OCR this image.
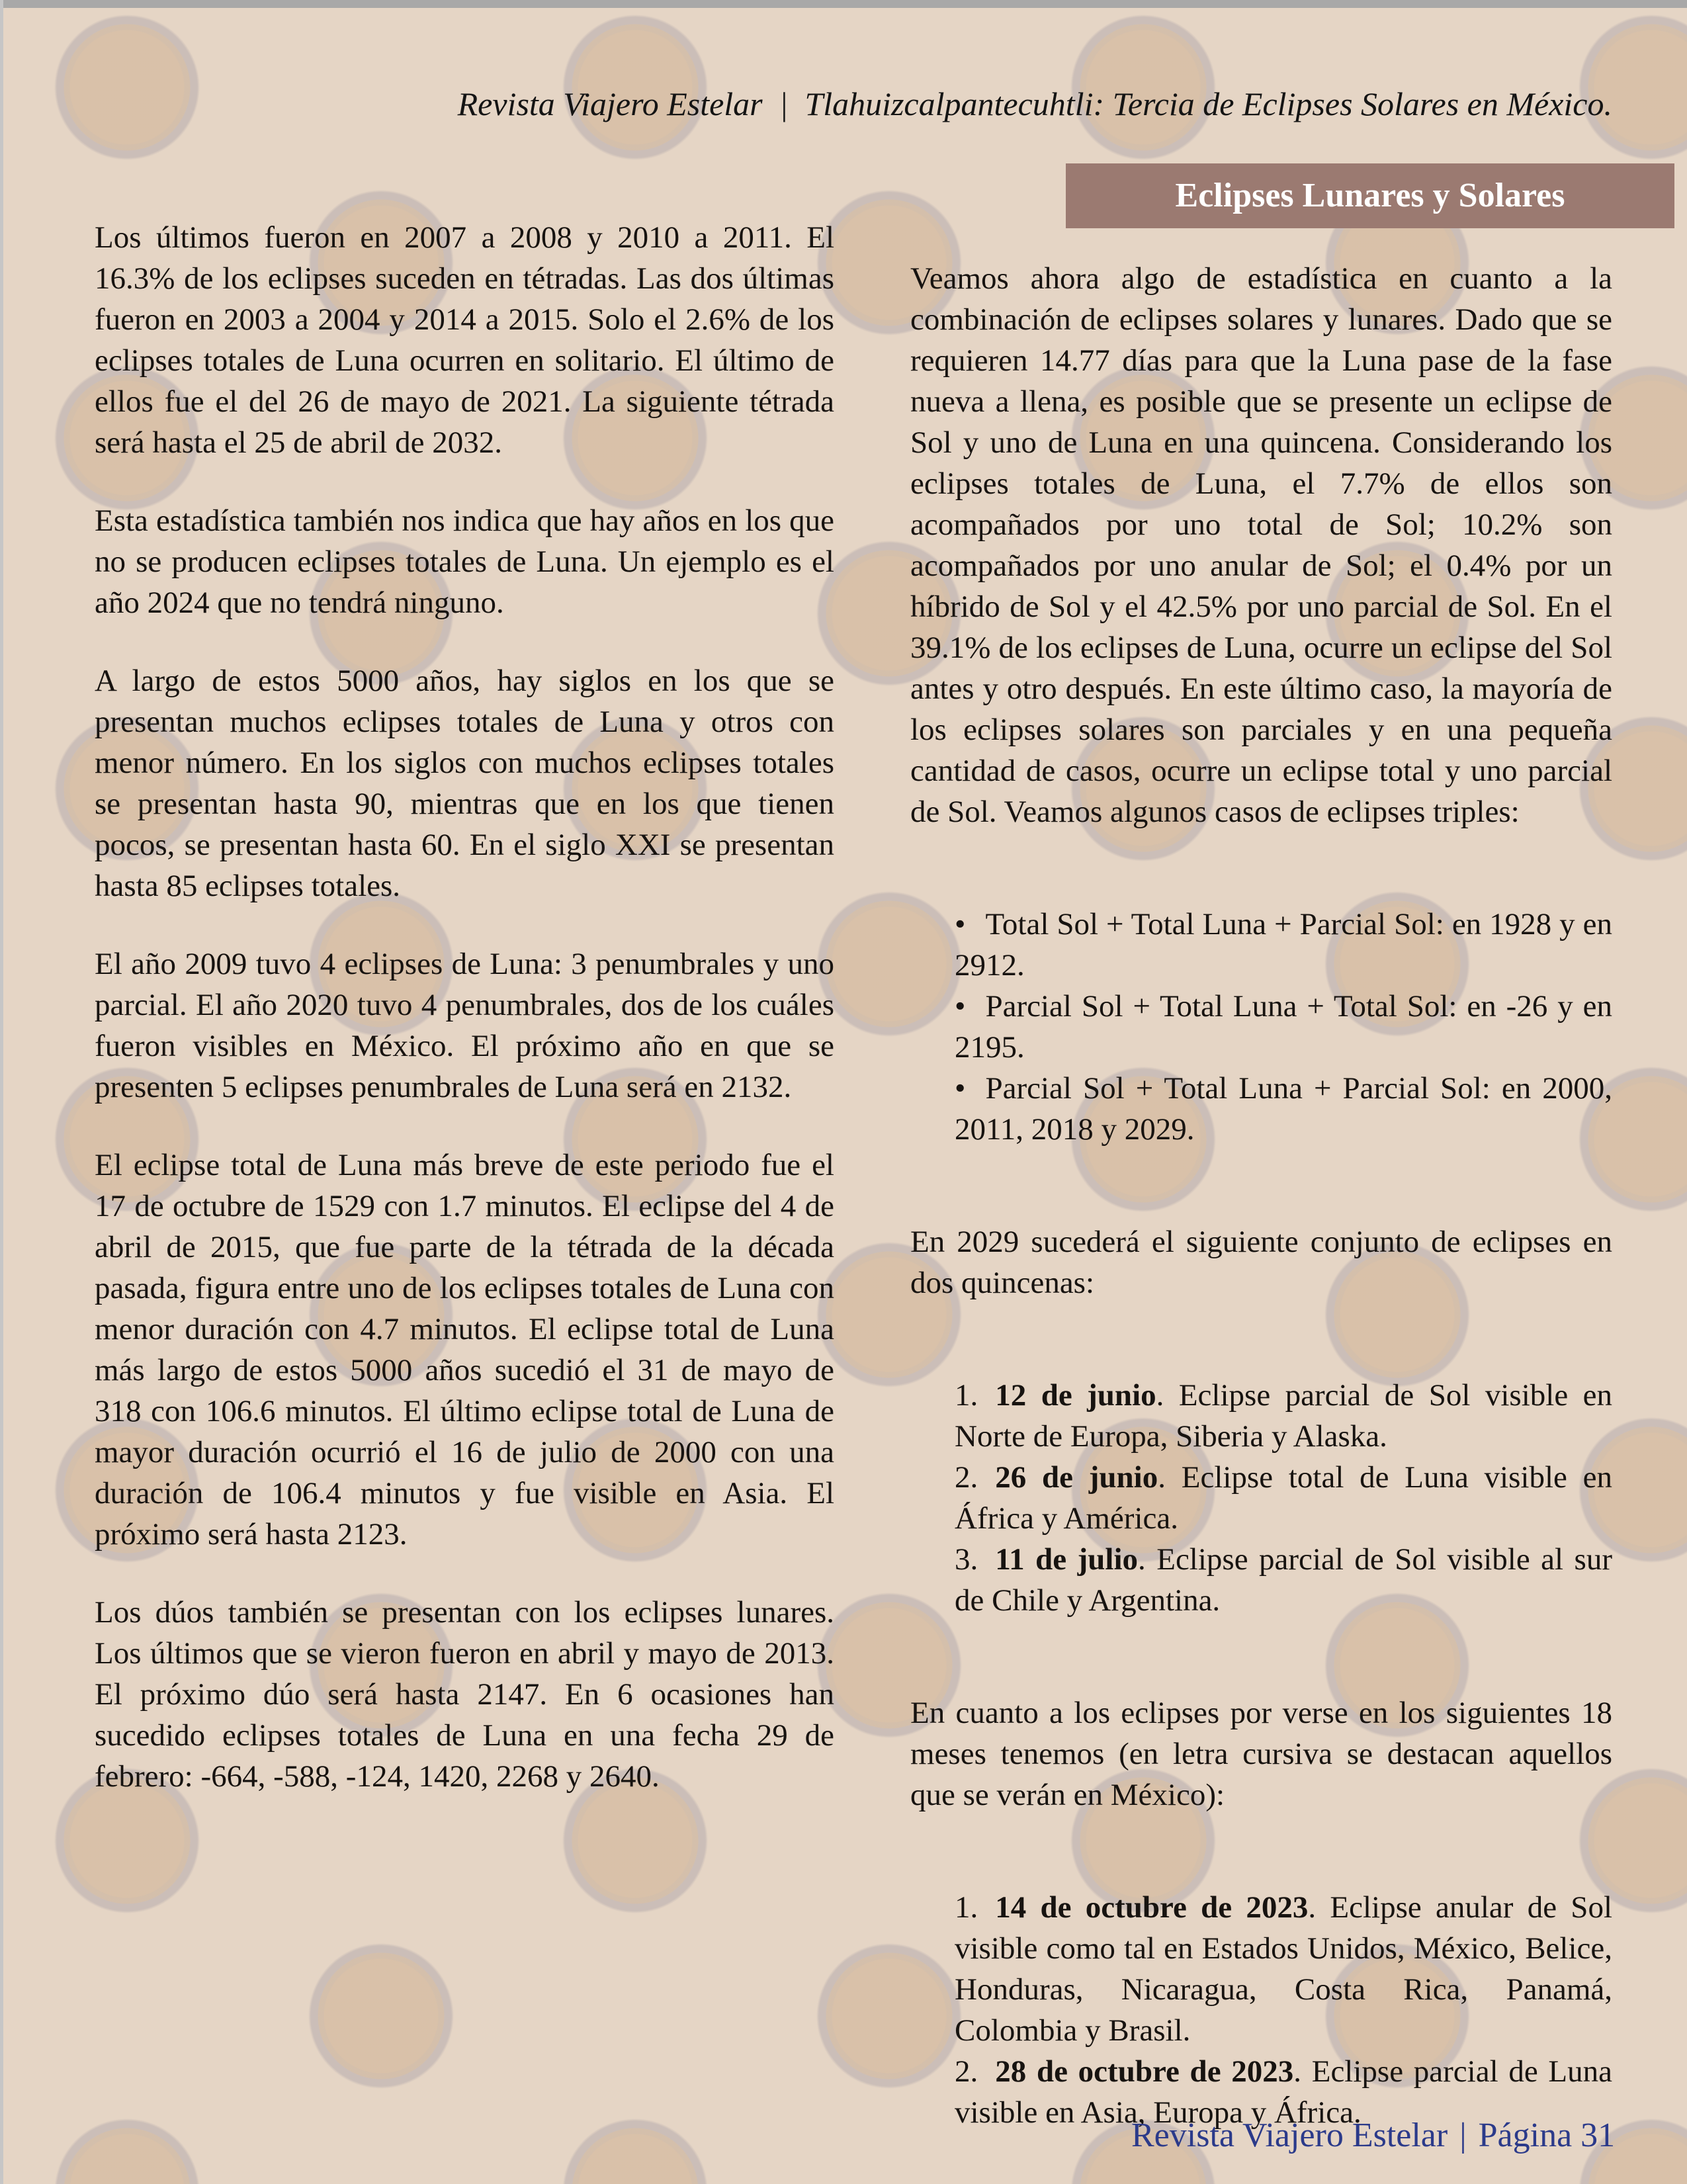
Revista Viajero Estelar  |  Tlahuizcalpantecuhtli: Tercia de Eclipses Solares en México.
Eclipses Lunares y Solares

Los últimos fueron en 2007 a 2008 y 2010 a 2011. El 16.3% de los eclipses suceden en tétradas. Las dos últimas fueron en 2003 a 2004 y 2014 a 2015. Solo el 2.6% de los eclipses totales de Luna ocurren en solitario. El último de ellos fue el del 26 de mayo de 2021. La siguiente tétrada será hasta el 25 de abril de 2032.

Esta estadística también nos indica que hay años en los que no se producen eclipses totales de Luna. Un ejemplo es el año 2024 que no tendrá ninguno.

A largo de estos 5000 años, hay siglos en los que se presentan muchos eclipses totales de Luna y otros con menor número. En los siglos con muchos eclipses totales se presentan hasta 90, mientras que en los que tienen pocos, se presentan hasta 60. En el siglo XXI se presentan hasta 85 eclipses totales.

El año 2009 tuvo 4 eclipses de Luna: 3 penumbrales y uno parcial. El año 2020 tuvo 4 penumbrales, dos de los cuáles fueron visibles en México. El próximo año en que se presenten 5 eclipses penumbrales de Luna será en 2132.

El eclipse total de Luna más breve de este periodo fue el 17 de octubre de 1529 con 1.7 minutos. El eclipse del 4 de abril de 2015, que fue parte de la tétrada de la década pasada, figura entre uno de los eclipses totales de Luna con menor duración con 4.7 minutos. El eclipse total de Luna más largo de estos 5000 años sucedió el 31 de mayo de 318 con 106.6 minutos. El último eclipse total de Luna de mayor duración ocurrió el 16 de julio de 2000 con una duración de 106.4 minutos y fue visible en Asia. El próximo será hasta 2123.

Los dúos también se presentan con los eclipses lunares. Los últimos que se vieron fueron en abril y mayo de 2013. El próximo dúo será hasta 2147. En 6 ocasiones han sucedido eclipses totales de Luna en una fecha 29 de febrero: -664, -588, -124, 1420, 2268 y 2640.

Veamos ahora algo de estadística en cuanto a la combinación de eclipses solares y lunares. Dado que se requieren 14.77 días para que la Luna pase de la fase nueva a llena, es posible que se presente un eclipse de Sol y uno de Luna en una quincena. Considerando los eclipses totales de Luna, el 7.7% de ellos son acompañados por uno total de Sol; 10.2% son acompañados por uno anular de Sol; el 0.4% por un híbrido de Sol y el 42.5% por uno parcial de Sol. En el 39.1% de los eclipses de Luna, ocurre un eclipse del Sol antes y otro después. En este último caso, la mayoría de los eclipses solares son parciales y en una pequeña cantidad de casos, ocurre un eclipse total y uno parcial de Sol. Veamos algunos casos de eclipses triples:

• Total Sol + Total Luna + Parcial Sol: en 1928 y en 2912.
• Parcial Sol + Total Luna + Total Sol: en -26 y en 2195.
• Parcial Sol + Total Luna + Parcial Sol: en 2000, 2011, 2018 y 2029.

En 2029 sucederá el siguiente conjunto de eclipses en dos quincenas:

1. 12 de junio. Eclipse parcial de Sol visible en Norte de Europa, Siberia y Alaska.
2. 26 de junio. Eclipse total de Luna visible en África y América.
3. 11 de julio. Eclipse parcial de Sol visible al sur de Chile y Argentina.

En cuanto a los eclipses por verse en los siguientes 18 meses tenemos (en letra cursiva se destacan aquellos que se verán en México):

1. 14 de octubre de 2023. Eclipse anular de Sol visible como tal en Estados Unidos, México, Belice, Honduras, Nicaragua, Costa Rica, Panamá, Colombia y Brasil.
2. 28 de octubre de 2023. Eclipse parcial de Luna visible en Asia, Europa y África.
Revista Viajero Estelar | Página 31
